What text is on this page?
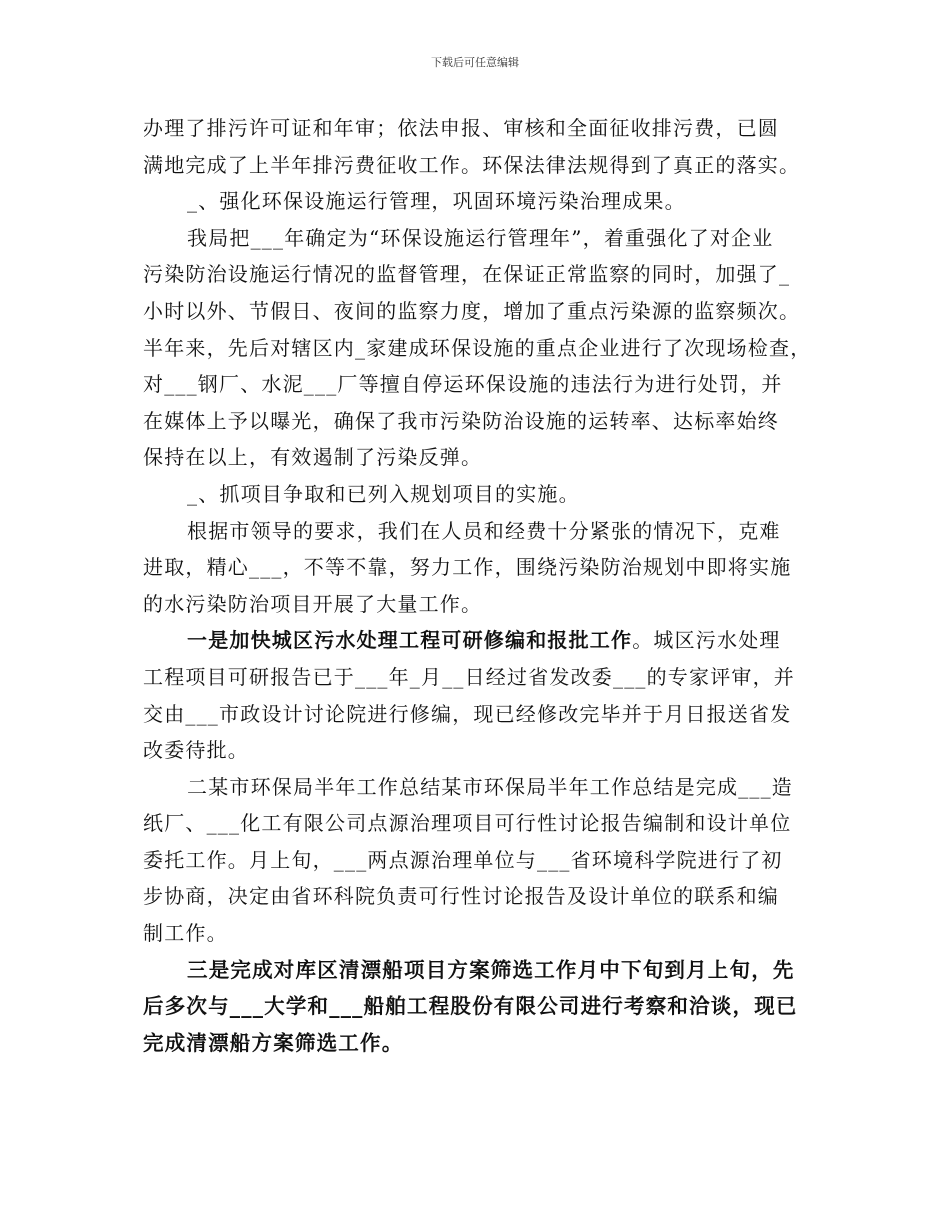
下载后可任意编辑
办理了排污许可证和年审；依法申报、审核和全面征收排污费，已圆
满地完成了上半年排污费征收工作。环保法律法规得到了真正的落实。
_、强化环保设施运行管理，巩固环境污染治理成果。
我局把___年确定为“环保设施运行管理年”，着重强化了对企业
污染防治设施运行情况的监督管理，在保证正常监察的同时，加强了_
小时以外、节假日、夜间的监察力度，增加了重点污染源的监察频次。
半年来，先后对辖区内_家建成环保设施的重点企业进行了次现场检查，
对___钢厂、水泥___厂等擅自停运环保设施的违法行为进行处罚，并
在媒体上予以曝光，确保了我市污染防治设施的运转率、达标率始终
保持在以上，有效遏制了污染反弹。
_、抓项目争取和已列入规划项目的实施。
根据市领导的要求，我们在人员和经费十分紧张的情况下，克难
进取，精心___，不等不靠，努力工作，围绕污染防治规划中即将实施
的水污染防治项目开展了大量工作。
一是加快城区污水处理工程可研修编和报批工作。城区污水处理
工程项目可研报告已于___年_月__日经过省发改委___的专家评审，并
交由___市政设计讨论院进行修编，现已经修改完毕并于月日报送省发
改委待批。
二某市环保局半年工作总结某市环保局半年工作总结是完成___造
纸厂、___化工有限公司点源治理项目可行性讨论报告编制和设计单位
委托工作。月上旬，___两点源治理单位与___省环境科学院进行了初
步协商，决定由省环科院负责可行性讨论报告及设计单位的联系和编
制工作。
三是完成对库区清漂船项目方案筛选工作月中下旬到月上旬，先
后多次与___大学和___船舶工程股份有限公司进行考察和洽谈，现已
完成清漂船方案筛选工作。
